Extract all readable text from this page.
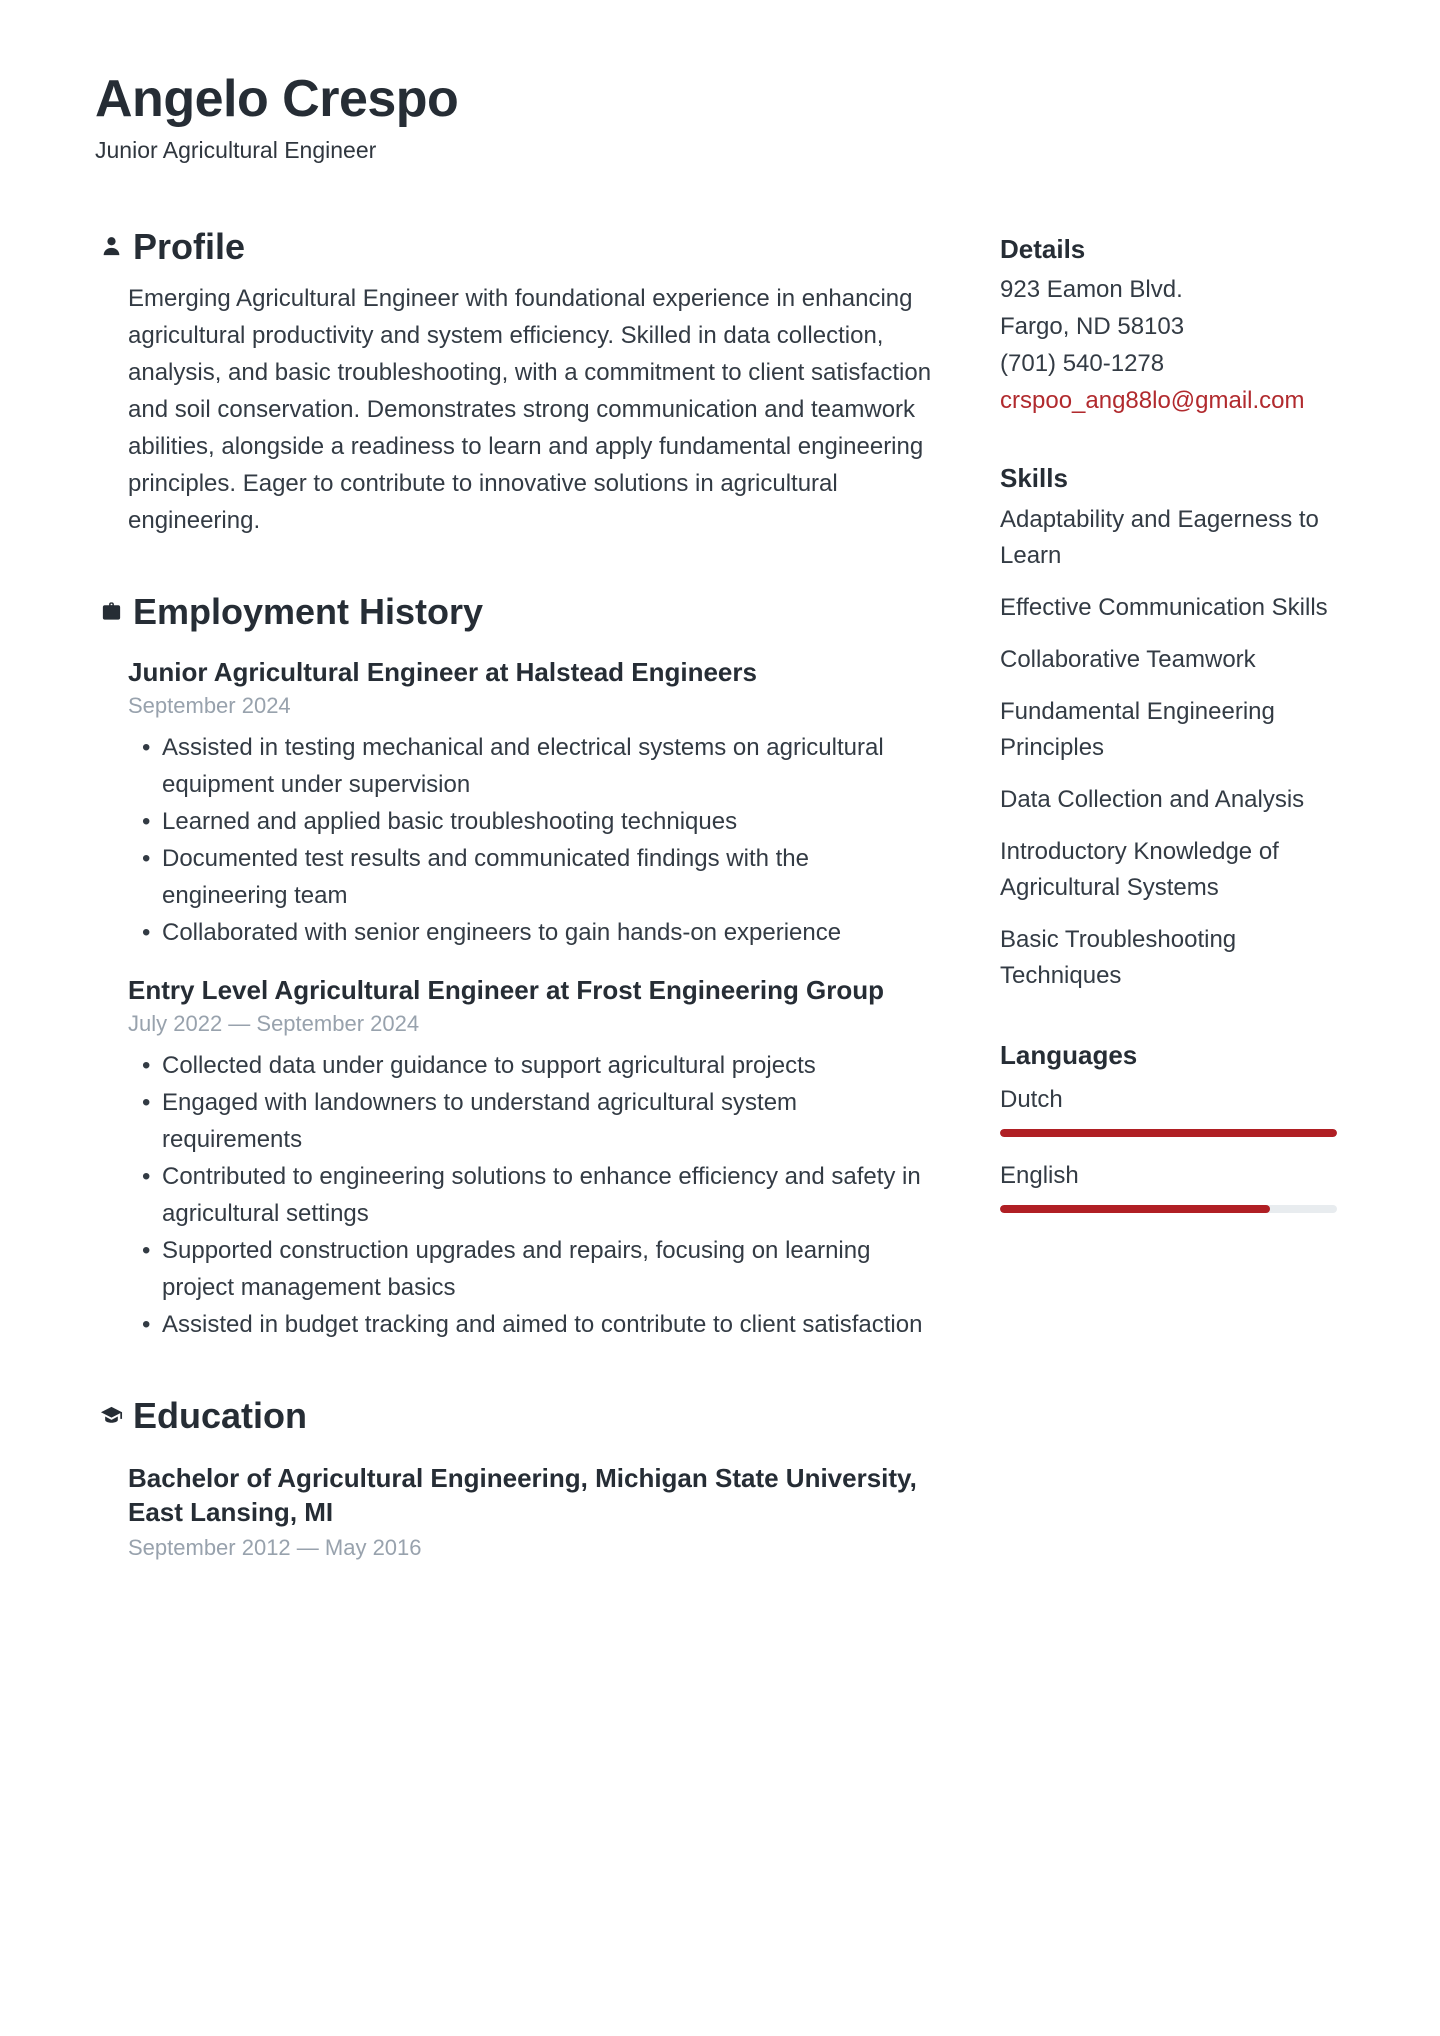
Angelo Crespo
Junior Agricultural Engineer
Profile

Emerging Agricultural Engineer with foundational experience in enhancing agricultural productivity and system efficiency. Skilled in data collection, analysis, and basic troubleshooting, with a commitment to client satisfaction and soil conservation. Demonstrates strong communication and teamwork abilities, alongside a readiness to learn and apply fundamental engineering principles. Eager to contribute to innovative solutions in agricultural engineering.

Employment History
Junior Agricultural Engineer at Halstead Engineers
September 2024
• Assisted in testing mechanical and electrical systems on agricultural equipment under supervision
• Learned and applied basic troubleshooting techniques
• Documented test results and communicated findings with the engineering team
• Collaborated with senior engineers to gain hands-on experience
Entry Level Agricultural Engineer at Frost Engineering Group
July 2022 — September 2024
• Collected data under guidance to support agricultural projects
• Engaged with landowners to understand agricultural system requirements
• Contributed to engineering solutions to enhance efficiency and safety in agricultural settings
• Supported construction upgrades and repairs, focusing on learning project management basics
• Assisted in budget tracking and aimed to contribute to client satisfaction
Education
Bachelor of Agricultural Engineering, Michigan State University,
East Lansing, MI
September 2012 — May 2016
Details
923 Eamon Blvd.
Fargo, ND 58103
(701) 540-1278
crspoo_ang88lo@gmail.com
Skills
Adaptability and Eagerness to Learn
Effective Communication Skills
Collaborative Teamwork
Fundamental Engineering Principles
Data Collection and Analysis
Introductory Knowledge of Agricultural Systems
Basic Troubleshooting Techniques
Languages
Dutch
English
